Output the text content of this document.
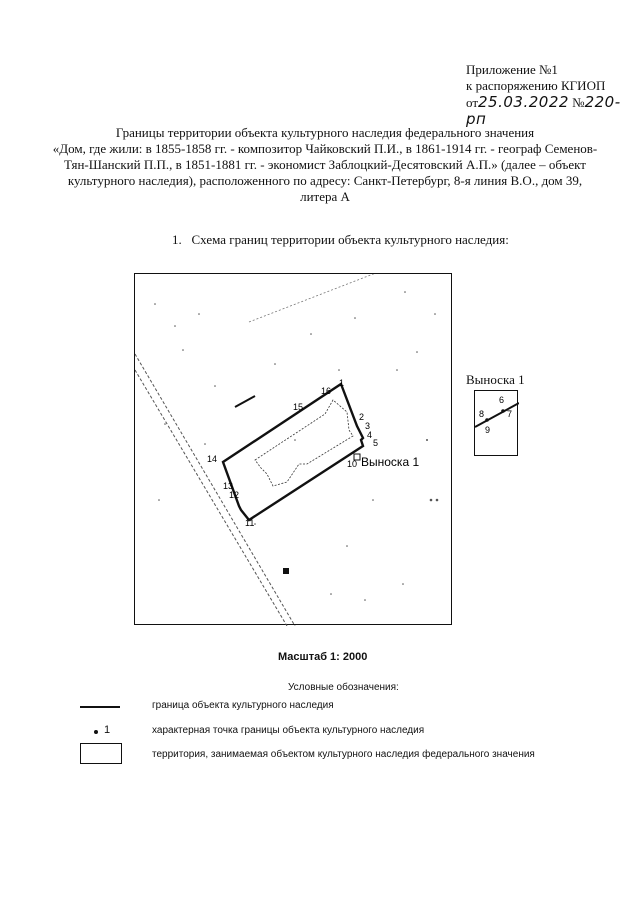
Приложение №1
к распоряжению КГИОП
от25.03.2022 №220-рп
Границы территории объекта культурного наследия федерального значения
«Дом, где жили: в 1855-1858 гг. - композитор Чайковский П.И., в 1861-1914 гг. - географ Семенов-
Тян-Шанский П.П., в 1851-1881 гг. - экономист Заблоцкий-Десятовский А.П.» (далее – объект
культурного наследия), расположенного по адресу: Санкт-Петербург, 8-я линия В.О., дом 39,
литера А
1. Схема границ территории объекта культурного наследия:
1
2
3
4
5
10
11
12
13
14
15
16
Выноска 1
Выноска 1
6
7
8
9
Масштаб 1: 2000
Условные обозначения:
граница объекта культурного наследия
1	характерная точка границы объекта культурного наследия
территория, занимаемая объектом культурного наследия федерального значения
